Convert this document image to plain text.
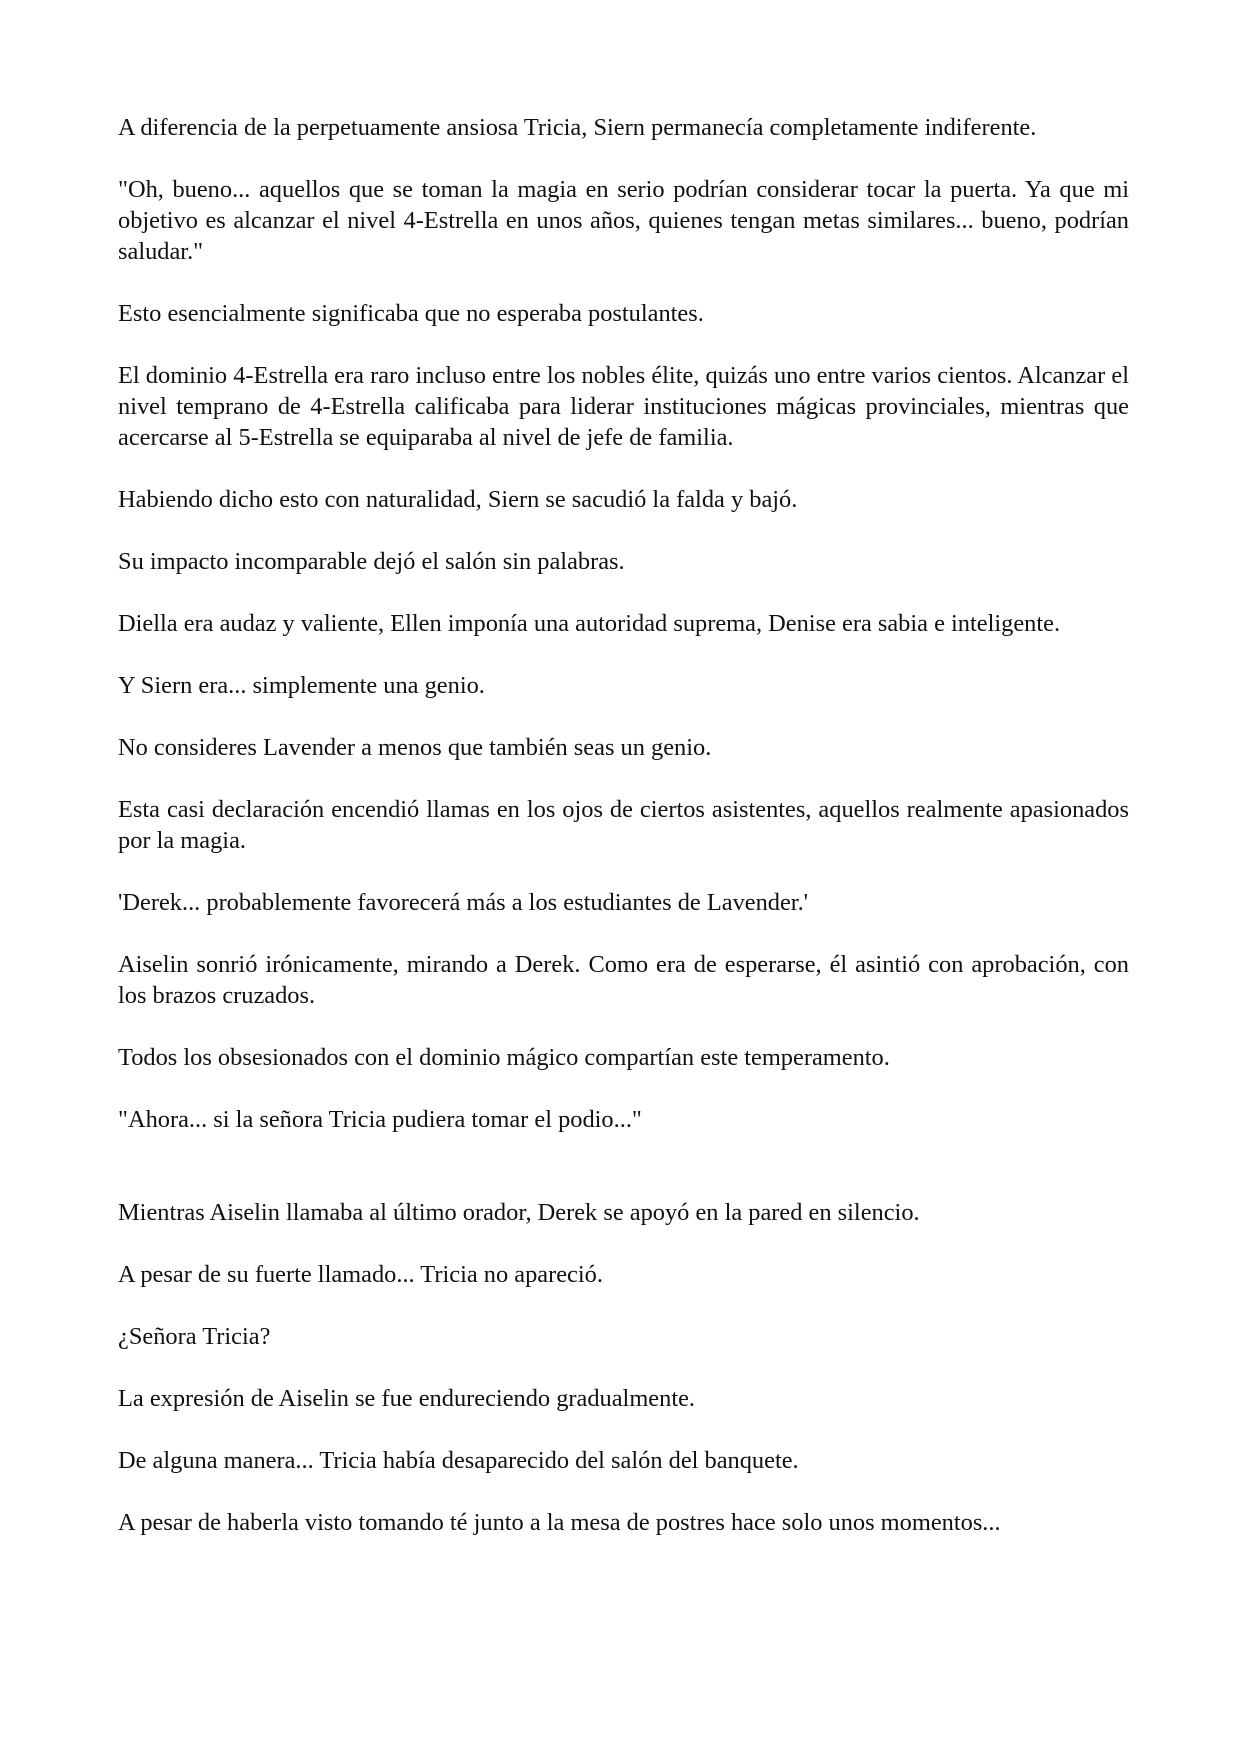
A diferencia de la perpetuamente ansiosa Tricia, Siern permanecía completamente indiferente.

"Oh, bueno... aquellos que se toman la magia en serio podrían considerar tocar la puerta. Ya que mi objetivo es alcanzar el nivel 4-Estrella en unos años, quienes tengan metas similares... bueno, podrían saludar."

Esto esencialmente significaba que no esperaba postulantes.

El dominio 4-Estrella era raro incluso entre los nobles élite, quizás uno entre varios cientos. Alcanzar el nivel temprano de 4-Estrella calificaba para liderar instituciones mágicas provinciales, mientras que acercarse al 5-Estrella se equiparaba al nivel de jefe de familia.

Habiendo dicho esto con naturalidad, Siern se sacudió la falda y bajó.

Su impacto incomparable dejó el salón sin palabras.

Diella era audaz y valiente, Ellen imponía una autoridad suprema, Denise era sabia e inteligente.

Y Siern era... simplemente una genio.

No consideres Lavender a menos que también seas un genio.

Esta casi declaración encendió llamas en los ojos de ciertos asistentes, aquellos realmente apasionados por la magia.

'Derek... probablemente favorecerá más a los estudiantes de Lavender.'

Aiselin sonrió irónicamente, mirando a Derek. Como era de esperarse, él asintió con aprobación, con los brazos cruzados.

Todos los obsesionados con el dominio mágico compartían este temperamento.

"Ahora... si la señora Tricia pudiera tomar el podio..."

Mientras Aiselin llamaba al último orador, Derek se apoyó en la pared en silencio.

A pesar de su fuerte llamado... Tricia no apareció.

¿Señora Tricia?

La expresión de Aiselin se fue endureciendo gradualmente.

De alguna manera... Tricia había desaparecido del salón del banquete.

A pesar de haberla visto tomando té junto a la mesa de postres hace solo unos momentos...
